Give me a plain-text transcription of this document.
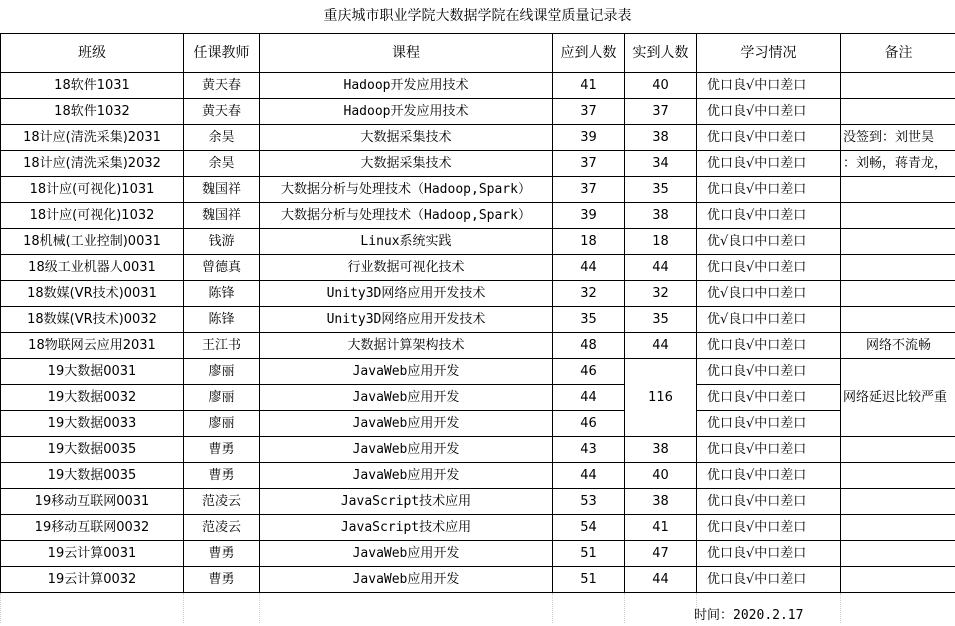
重庆城市职业学院大数据学院在线课堂质量记录表
班级	任课教师	课程	应到人数	实到人数	学习情况	备注
18软件1031	黄天春	Hadoop开发应用技术	41	40	优口良√中口差口	
18软件1032	黄天春	Hadoop开发应用技术	37	37	优口良√中口差口	
18计应(清洗采集)2031	余昊	大数据采集技术	39	38	优口良√中口差口	没签到：刘世昊
18计应(清洗采集)2032	余昊	大数据采集技术	37	34	优口良√中口差口	：刘畅，蒋青龙，
18计应(可视化)1031	魏国祥	大数据分析与处理技术（Hadoop,Spark）	37	35	优口良√中口差口	
18计应(可视化)1032	魏国祥	大数据分析与处理技术（Hadoop,Spark）	39	38	优口良√中口差口	
18机械(工业控制)0031	钱游	Linux系统实践	18	18	优√良口中口差口	
18级工业机器人0031	曾德真	行业数据可视化技术	44	44	优口良√中口差口	
18数媒(VR技术)0031	陈锋	Unity3D网络应用开发技术	32	32	优√良口中口差口	
18数媒(VR技术)0032	陈锋	Unity3D网络应用开发技术	35	35	优√良口中口差口	
18物联网云应用2031	王江书	大数据计算架构技术	48	44	优口良√中口差口	网络不流畅
19大数据0031	廖丽	JavaWeb应用开发	46	116	优口良√中口差口	网络延迟比较严重
19大数据0032	廖丽	JavaWeb应用开发	44		优口良√中口差口	
19大数据0033	廖丽	JavaWeb应用开发	46		优口良√中口差口	
19大数据0035	曹勇	JavaWeb应用开发	43	38	优口良√中口差口	
19大数据0035	曹勇	JavaWeb应用开发	44	40	优口良√中口差口	
19移动互联网0031	范凌云	JavaScript技术应用	53	38	优口良√中口差口	
19移动互联网0032	范凌云	JavaScript技术应用	54	41	优口良√中口差口	
19云计算0031	曹勇	JavaWeb应用开发	51	47	优口良√中口差口	
19云计算0032	曹勇	JavaWeb应用开发	51	44	优口良√中口差口	

时间：2020.2.17
